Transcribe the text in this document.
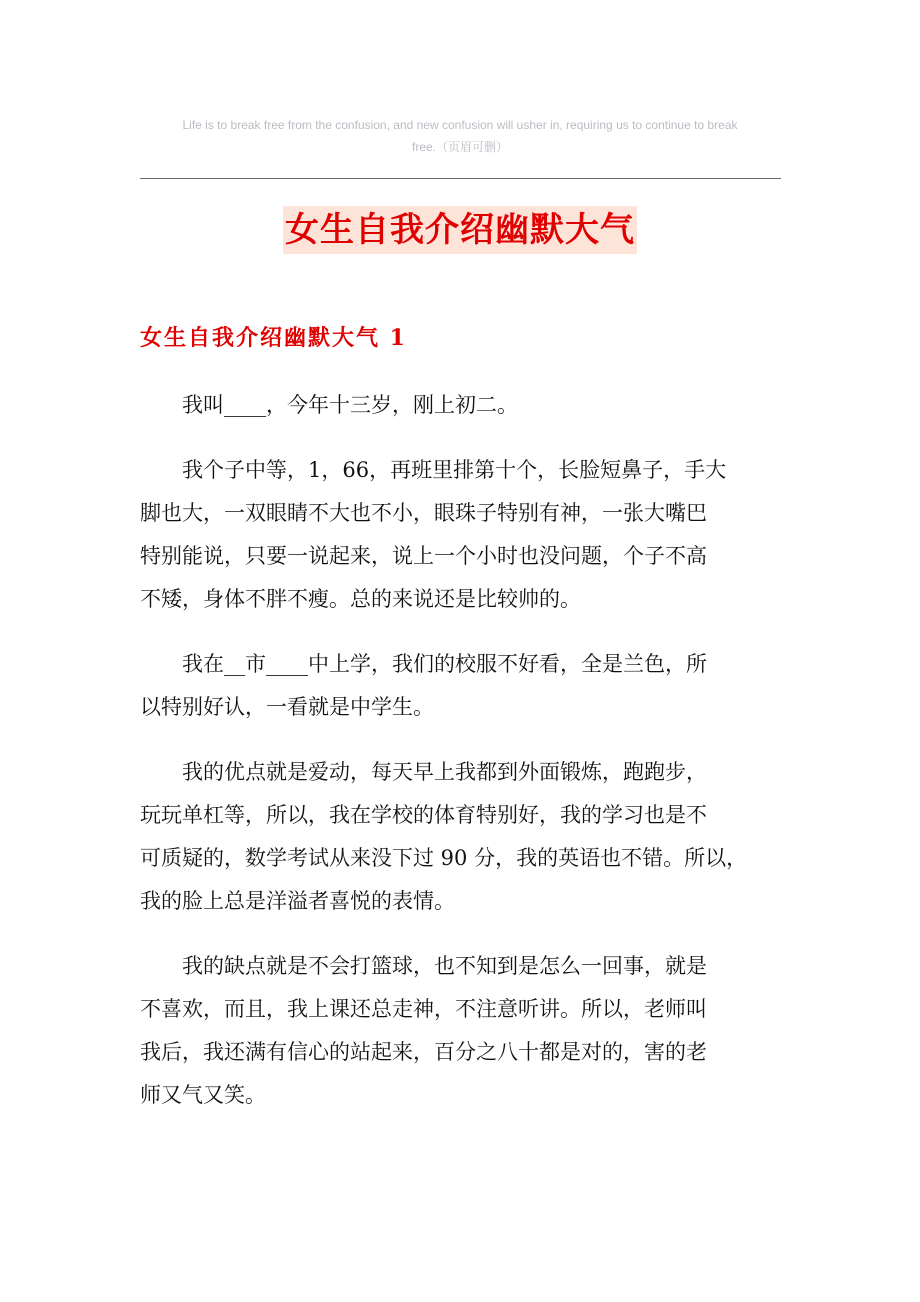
Life is to break free from the confusion, and new confusion will usher in, requiring us to continue to break
free.（页眉可删）
女生自我介绍幽默大气
女生自我介绍幽默大气 1

我叫____，今年十三岁，刚上初二。

我个子中等，1，66，再班里排第十个，长脸短鼻子，手大
脚也大，一双眼睛不大也不小，眼珠子特别有神，一张大嘴巴
特别能说，只要一说起来，说上一个小时也没问题，个子不高
不矮，身体不胖不瘦。总的来说还是比较帅的。

我在__市____中上学，我们的校服不好看，全是兰色，所
以特别好认，一看就是中学生。

我的优点就是爱动，每天早上我都到外面锻炼，跑跑步，
玩玩单杠等，所以，我在学校的体育特别好，我的学习也是不
可质疑的，数学考试从来没下过 90 分，我的英语也不错。所以，
我的脸上总是洋溢者喜悦的表情。

我的缺点就是不会打篮球，也不知到是怎么一回事，就是
不喜欢，而且，我上课还总走神，不注意听讲。所以，老师叫
我后，我还满有信心的站起来，百分之八十都是对的，害的老
师又气又笑。
